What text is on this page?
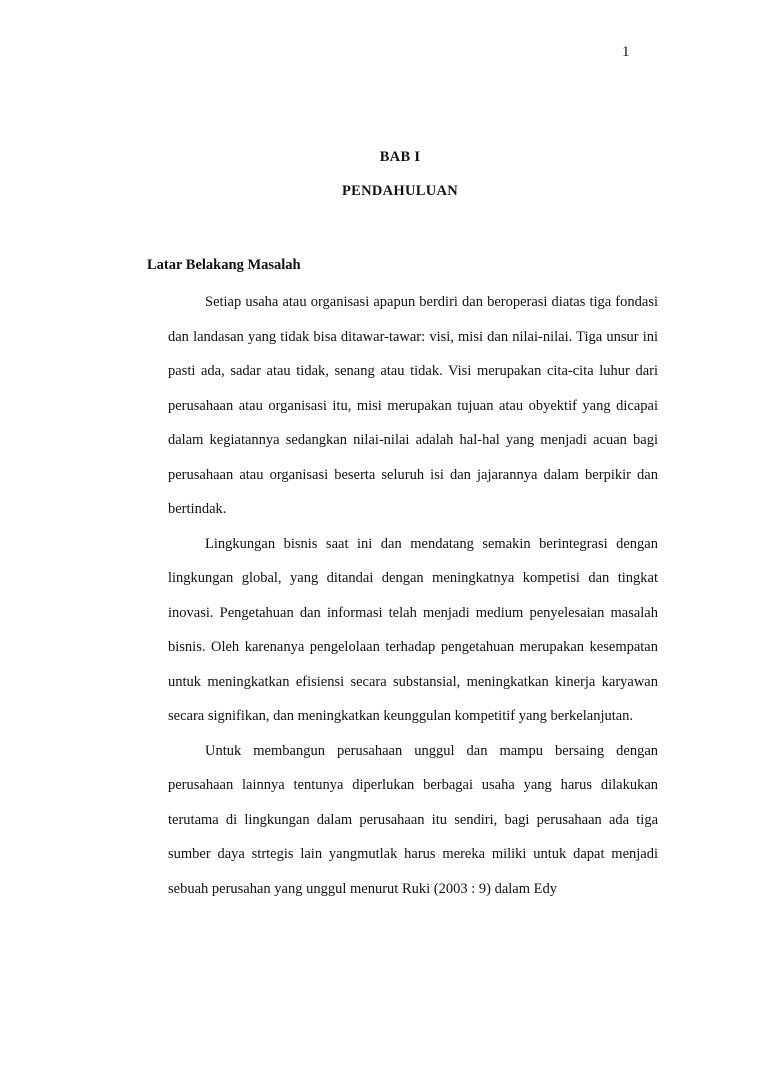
1
BAB I
PENDAHULUAN
Latar Belakang Masalah

Setiap usaha atau organisasi apapun berdiri dan beroperasi diatas tiga fondasi dan landasan yang tidak bisa ditawar-tawar: visi, misi dan nilai-nilai. Tiga unsur ini pasti ada, sadar atau tidak, senang atau tidak. Visi merupakan cita-cita luhur dari perusahaan atau organisasi itu, misi merupakan tujuan atau obyektif yang dicapai dalam kegiatannya sedangkan nilai-nilai adalah hal-hal yang menjadi acuan bagi perusahaan atau organisasi beserta seluruh isi dan jajarannya dalam berpikir dan bertindak.

Lingkungan bisnis saat ini dan mendatang semakin berintegrasi dengan lingkungan global, yang ditandai dengan meningkatnya kompetisi dan tingkat inovasi. Pengetahuan dan informasi telah menjadi medium penyelesaian masalah bisnis. Oleh karenanya pengelolaan terhadap pengetahuan merupakan kesempatan untuk meningkatkan efisiensi secara substansial, meningkatkan kinerja karyawan secara signifikan, dan meningkatkan keunggulan kompetitif yang berkelanjutan.

Untuk membangun perusahaan unggul dan mampu bersaing dengan perusahaan lainnya tentunya diperlukan berbagai usaha yang harus dilakukan terutama di lingkungan dalam perusahaan itu sendiri, bagi perusahaan ada tiga sumber daya strtegis lain yangmutlak harus mereka miliki untuk dapat menjadi sebuah perusahan yang unggul menurut Ruki (2003 : 9) dalam Edy
